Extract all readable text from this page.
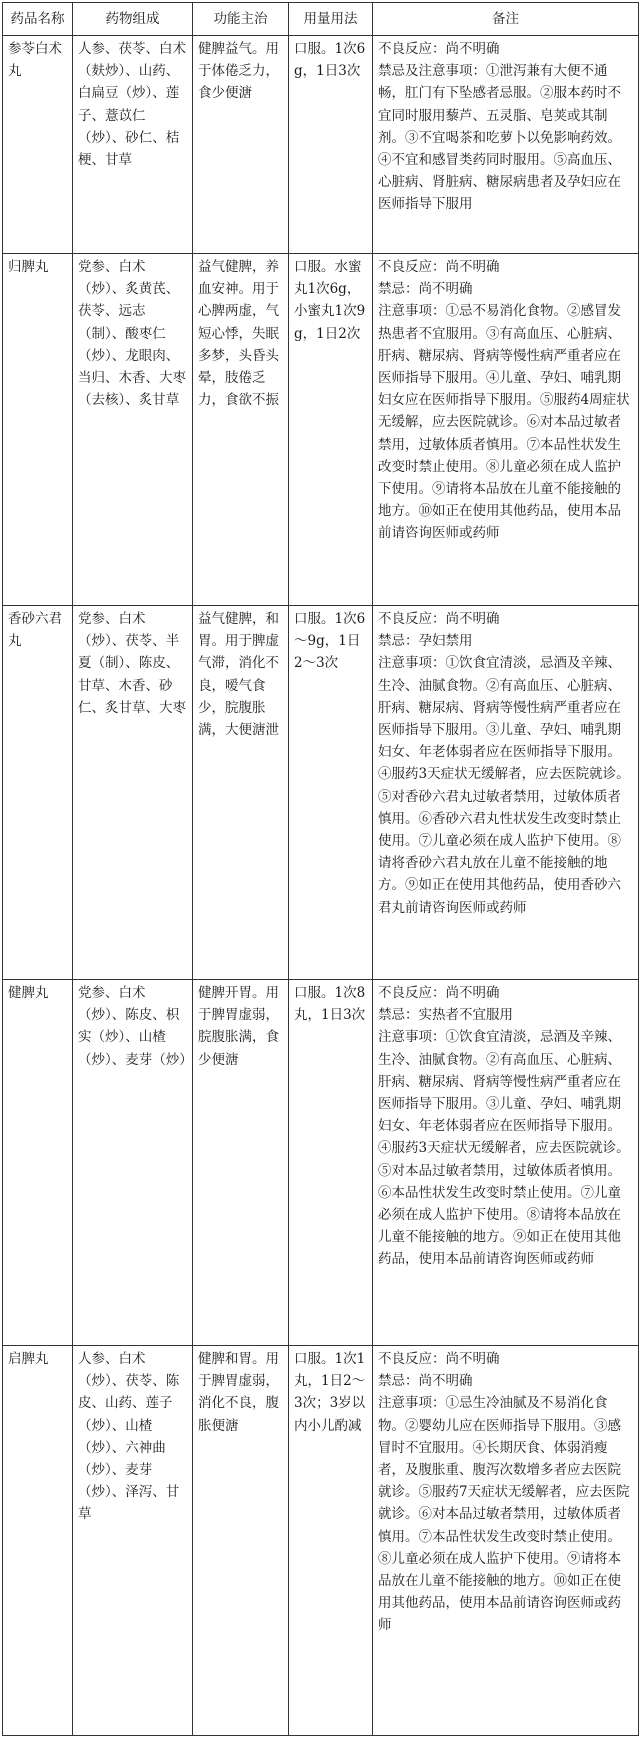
药品名称	药物组成	功能主治	用量用法	备注
参苓白术丸	人参、茯苓、白术（麸炒）、山药、白扁豆（炒）、莲子、薏苡仁（炒）、砂仁、桔梗、甘草	健脾益气。用于体倦乏力，食少便溏	口服。1次6g，1日3次	不良反应：尚不明确
禁忌及注意事项：①泄泻兼有大便不通畅，肛门有下坠感者忌服。②服本药时不宜同时服用藜芦、五灵脂、皂荚或其制剂。③不宜喝茶和吃萝卜以免影响药效。④不宜和感冒类药同时服用。⑤高血压、心脏病、肾脏病、糖尿病患者及孕妇应在医师指导下服用

归脾丸	党参、白术（炒）、炙黄芪、茯苓、远志（制）、酸枣仁（炒）、龙眼肉、当归、木香、大枣（去核）、炙甘草	益气健脾，养血安神。用于心脾两虚，气短心悸，失眠多梦，头昏头晕，肢倦乏力，食欲不振	口服。水蜜丸1次6g，小蜜丸1次9g，1日2次	不良反应：尚不明确
禁忌：尚不明确
注意事项：①忌不易消化食物。②感冒发热患者不宜服用。③有高血压、心脏病、肝病、糖尿病、肾病等慢性病严重者应在医师指导下服用。④儿童、孕妇、哺乳期妇女应在医师指导下服用。⑤服药4周症状无缓解，应去医院就诊。⑥对本品过敏者禁用，过敏体质者慎用。⑦本品性状发生改变时禁止使用。⑧儿童必须在成人监护下使用。⑨请将本品放在儿童不能接触的地方。⑩如正在使用其他药品，使用本品前请咨询医师或药师

香砂六君丸	党参、白术（炒）、茯苓、半夏（制）、陈皮、甘草、木香、砂仁、炙甘草、大枣	益气健脾，和胃。用于脾虚气滞，消化不良，嗳气食少，脘腹胀满，大便溏泄	口服。1次6～9g，1日2～3次	不良反应：尚不明确
禁忌：孕妇禁用
注意事项：①饮食宜清淡，忌酒及辛辣、生冷、油腻食物。②有高血压、心脏病、肝病、糖尿病、肾病等慢性病严重者应在医师指导下服用。③儿童、孕妇、哺乳期妇女、年老体弱者应在医师指导下服用。④服药3天症状无缓解者，应去医院就诊。⑤对香砂六君丸过敏者禁用，过敏体质者慎用。⑥香砂六君丸性状发生改变时禁止使用。⑦儿童必须在成人监护下使用。⑧请将香砂六君丸放在儿童不能接触的地方。⑨如正在使用其他药品，使用香砂六君丸前请咨询医师或药师

健脾丸	党参、白术（炒）、陈皮、枳实（炒）、山楂（炒）、麦芽（炒）	健脾开胃。用于脾胃虚弱，脘腹胀满，食少便溏	口服。1次8丸，1日3次	不良反应：尚不明确
禁忌：实热者不宜服用
注意事项：①饮食宜清淡，忌酒及辛辣、生冷、油腻食物。②有高血压、心脏病、肝病、糖尿病、肾病等慢性病严重者应在医师指导下服用。③儿童、孕妇、哺乳期妇女、年老体弱者应在医师指导下服用。④服药3天症状无缓解者，应去医院就诊。⑤对本品过敏者禁用，过敏体质者慎用。⑥本品性状发生改变时禁止使用。⑦儿童必须在成人监护下使用。⑧请将本品放在儿童不能接触的地方。⑨如正在使用其他药品，使用本品前请咨询医师或药师

启脾丸	人参、白术（炒）、茯苓、陈皮、山药、莲子（炒）、山楂（炒）、六神曲（炒）、麦芽（炒）、泽泻、甘草	健脾和胃。用于脾胃虚弱，消化不良，腹胀便溏	口服。1次1丸，1日2～3次；3岁以内小儿酌减	不良反应：尚不明确
禁忌：尚不明确
注意事项：①忌生冷油腻及不易消化食物。②婴幼儿应在医师指导下服用。③感冒时不宜服用。④长期厌食、体弱消瘦者，及腹胀重、腹泻次数增多者应去医院就诊。⑤服药7天症状无缓解者，应去医院就诊。⑥对本品过敏者禁用，过敏体质者慎用。⑦本品性状发生改变时禁止使用。⑧儿童必须在成人监护下使用。⑨请将本品放在儿童不能接触的地方。⑩如正在使用其他药品，使用本品前请咨询医师或药师
